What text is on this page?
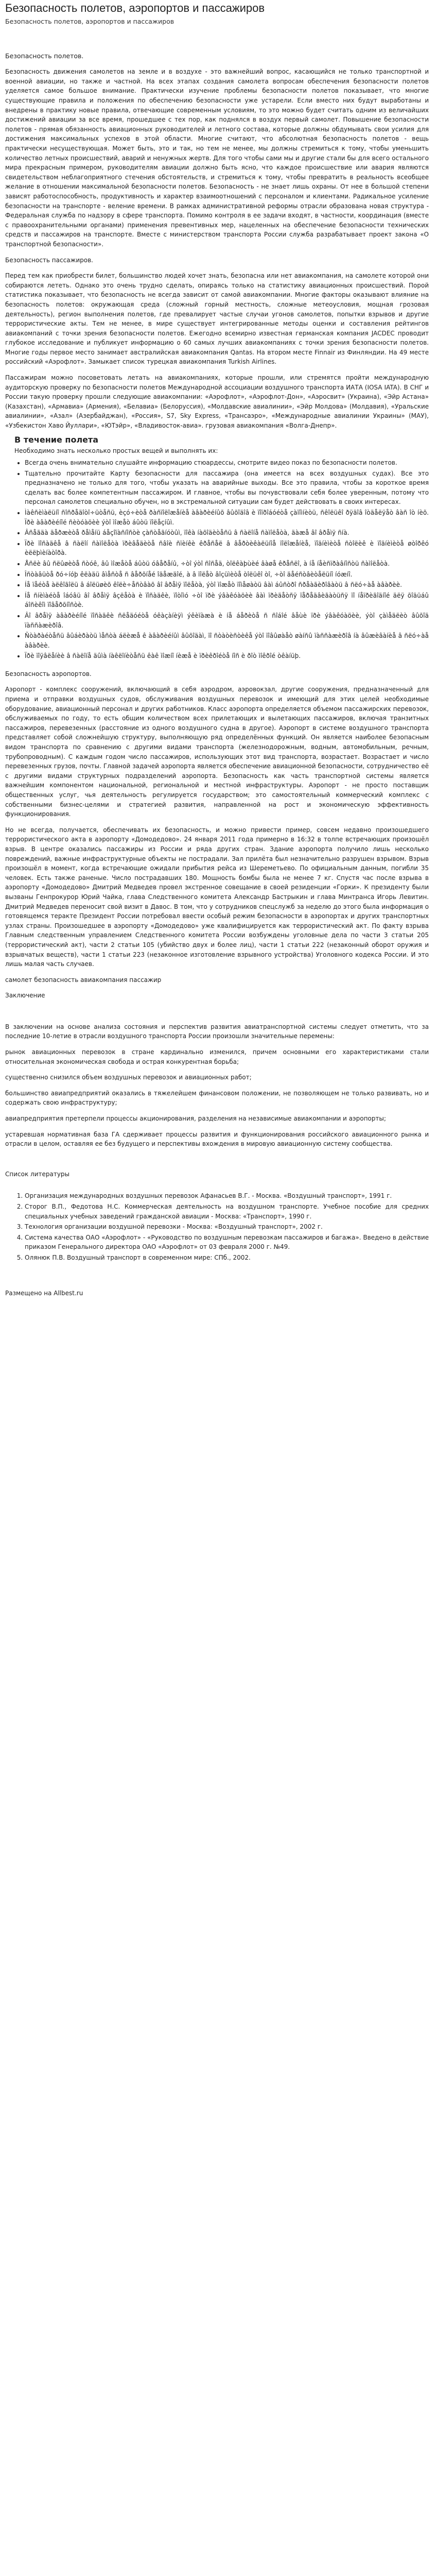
Безопасность полетов, аэропортов и пассажиров
Безопасность полетов, аэропортов и пассажиров
Безопасность полетов.

Безопасность движения самолетов на земле и в воздухе - это важнейший вопрос, касающийся не только транспортной и военной авиации, но также и частной. На всех этапах создания самолета вопросам обеспечения безопасности полетов уделяется самое большое внимание. Практически изучение проблемы безопасности полетов показывает, что многие существующие правила и положения по обеспечению безопасности уже устарели. Если вместо них будут выработаны и внедрены в практику новые правила, отвечающие современным условиям, то это можно будет считать одним из величайших достижений авиации за все время, прошедшее с тех пор, как поднялся в воздух первый самолет. Повышение безопасности полетов - прямая обязанность авиационных руководителей и летного состава, которые должны обдумывать свои усилия для достижения максимальных успехов в этой области. Многие считают, что абсолютная безопасность полетов - вещь практически несуществующая. Может быть, это и так, но тем не менее, мы должны стремиться к тому, чтобы уменьшить количество летных происшествий, аварий и ненужных жертв. Для того чтобы сами мы и другие стали бы для всего остального мира прекрасным примером, руководителям авиации должно быть ясно, что каждое происшествие или авария являются свидетельством неблагоприятного стечения обстоятельств, и стремиться к тому, чтобы превратить в реальность всеобщее желание в отношении максимальной безопасности полетов. Безопасность - не знает лишь охраны. От нее в большой степени зависят работоспособность, продуктивность и характер взаимоотношений с персоналом и клиентами. Радикальное усиление безопасности на транспорте - веление времени. В рамках административной реформы отрасли образована новая структура - Федеральная служба по надзору в сфере транспорта. Помимо контроля в ее задачи входят, в частности, координация (вместе с правоохранительными органами) применения превентивных мер, нацеленных на обеспечение безопасности технических средств и пассажиров на транспорте. Вместе с министерством транспорта России служба разрабатывает проект закона «О транспортной безопасности».

Безопасность пассажиров.

Перед тем как приобрести билет, большинство людей хочет знать, безопасна или нет авиакомпания, на самолете которой они собираются лететь. Однако это очень трудно сделать, опираясь только на статистику авиационных происшествий. Порой статистика показывает, что безопасность не всегда зависит от самой авиакомпании. Многие факторы оказывают влияние на безопасность полетов: окружающая среда (сложный горный местность, сложные метеоусловия, мощная грозовая деятельность), регион выполнения полетов, где превалирует частые случаи угонов самолетов, попытки взрывов и другие террористические акты. Тем не менее, в мире существует интегрированные методы оценки и составления рейтингов авиакомпаний с точки зрения безопасности полетов. Ежегодно всемирно известная германская компания JACDEC проводит глубокое исследование и публикует информацию о 60 самых лучших авиакомпаниях с точки зрения безопасности полетов. Многие годы первое место занимает австралийская авиакомпания Qantas. На втором месте Finnair из Финляндии. На 49 месте российский «Аэрофлот». Замыкает список турецкая авиакомпания Turkish Airlines.

Пассажирам можно посоветовать летать на авиакомпаниях, которые прошли, или стремятся пройти международную аудиторскую проверку по безопасности полетов Международной ассоциации воздушного транспорта ИАТА (IOSA IATA). В СНГ и России такую проверку прошли следующие авиакомпании: «Аэрофлот», «Аэрофлот-Дон», «Аэросвит» (Украина), «Эйр Астана» (Казахстан), «Армавиа» (Армения), «Белавиа» (Белоруссия), «Молдавские авиалинии», «Эйр Молдова» (Молдавия), «Уральские авиалинии», «Азал» (Азербайджан), «Россия», S7, Sky Express, «Трансаэро», «Международные авиалинии Украины» (МАУ), «Узбекистон Хаво Йуллари», «ЮТэйр», «Владивосток-авиа». грузовая авиакомпания «Волга-Днепр».

В течение полета
Необходимо знать несколько простых вещей и выполнять их:
• Всегда очень внимательно слушайте информацию стюардессы, смотрите видео показ по безопасности полетов.
• Тщательно прочитайте Карту безопасности для пассажира (она имеется на всех воздушных судах). Все это предназначено не только для того, чтобы указать на аварийные выходы. Все это правила, чтобы за короткое время сделать вас более компетентным пассажиром. И главное, чтобы вы почувствовали себя более уверенным, потому что персонал самолетов специально обучен, но в экстремальной ситуации сам будет действовать в своих интересах.
• Ìàêñèìàëüíî ñîñðåäîòî÷üòåñü, èçó÷èòå ðàñïîëîæåíèå àâàðèéíûõ âûõîäîâ è ïîïðîáóéòå çàïîìíèòü, ñêîëüêî ðÿäîâ îòäåëÿåò âàñ îò íèõ. Ïðè àâàðèéíîé ñèòóàöèè ýòî ìîæåò áûòü ïîëåçíûì.
• Âñåãäà äåðæèòå ðåìåíü áåçîïàñíîñòè çàñòåãíóòûì, ïîêà íàõîäèòåñü â ñàëîíå ñàìîëåòà, äàæå âî âðåìÿ ñíà.
• Ïðè ïîñàäêå â ñàëîí ñàìîëåòà ïðèâåäèòå ñâîè ñïèíêè êðåñåë â âåðòèêàëüíîå ïîëîæåíèå, ïîäíèìèòå ñòîëèê è ïîäíèìèòå øòîðêó èëëþìèíàòîðà.
• Åñëè âû ñëûøèòå ñòóê, âû ìîæåòå áûòü óâåðåíû, ÷òî ýòî ñîñåä, òîëêàþùèé âàøå êðåñëî, à íå íåèñïðàâíîñòü ñàìîëåòà.
• Îñòàâüòå ðó÷íóþ êëàäü âìåñòå ñ âåðõíåé îäåæäîé, à â ïîëåò âîçüìèòå òîëüêî òî, ÷òî äåéñòâèòåëüíî íóæíî.
• Íå ïåéòå àëêîãîëü â áîëüøèõ êîëè÷åñòâàõ âî âðåìÿ ïîëåòà, ýòî ìîæåò ïîìåøàòü âàì áûñòðî ñðåàãèðîâàòü â ñëó÷àå àâàðèè.
• Íå ñíèìàéòå îáóâü âî âðåìÿ âçëåòà è ïîñàäêè, ïîòîìó ÷òî ïðè ýâàêóàöèè âàì ïðèäåòñÿ ïåðåäâèãàòüñÿ ïî íåïðèãîäíîé äëÿ õîäüáû áîñèêîì ïîâåðõíîñòè.
• Âî âðåìÿ àâàðèéíîé ïîñàäêè ñëåäóéòå óêàçàíèÿì ýêèïàæà è íå áåðèòå ñ ñîáîé âåùè ïðè ýâàêóàöèè, ýòî çàìåäëèò âûõîä ïàññàæèðîâ.
• Ñòàðàéòåñü âûáèðàòü ìåñòà áëèæå ê àâàðèéíûì âûõîäàì, ïî ñòàòèñòèêå ýòî ïîâûøàåò øàíñû ïàññàæèðîâ íà âûæèâàíèå â ñëó÷àå àâàðèè.
• Ïðè ïîÿâëåíèè â ñàëîíå äûìà íàêëîíèòåñü êàê ìîæíî íèæå è ïðèêðîéòå íîñ è ðîò ìîêðîé òêàíüþ.
Безопасность аэропортов.

Аэропорт - комплекс сооружений, включающий в себя аэродром, аэровокзал, другие сооружения, предназначенный для приема и отправки воздушных судов, обслуживания воздушных перевозок и имеющий для этих целей необходимые оборудование, авиационный персонал и других работников. Класс аэропорта определяется объемом пассажирских перевозок, обслуживаемых по году, то есть общим количеством всех прилетающих и вылетающих пассажиров, включая транзитных пассажиров, перевезенных (расстояние из одного воздушного судна в другое). Аэропорт в системе воздушного транспорта представляет собой сложнейшую структуру, выполняющую ряд определённых функций. Он является наиболее безопасным видом транспорта по сравнению с другими видами транспорта (железнодорожным, водным, автомобильным, речным, трубопроводным). С каждым годом число пассажиров, использующих этот вид транспорта, возрастает. Возрастает и число перевезенных грузов, почты. Главной задачей аэропорта является обеспечение авиационной безопасности, сотрудничество её с другими видами структурных подразделений аэропорта. Безопасность как часть транспортной системы является важнейшим компонентом национальной, региональной и местной инфраструктуры. Аэропорт - не просто поставщик общественных услуг, чья деятельность регулируется государством; это самостоятельный коммерческий комплекс с собственными бизнес-целями и стратегией развития, направленной на рост и экономическую эффективность функционирования.

Но не всегда, получается, обеспечивать их безопасность, и можно привести пример, совсем недавно произошедшего террористического акта в аэропорту «Домодедово». 24 января 2011 года примерно в 16:32 в толпе встречающих произошёл взрыв. В центре оказались пассажиры из России и ряда других стран. Здание аэропорта получило лишь несколько повреждений, важные инфраструктурные объекты не пострадали. Зал прилёта был незначительно разрушен взрывом. Взрыв произошёл в момент, когда встречающие ожидали прибытия рейса из Шереметьево. По официальным данным, погибли 35 человек. Есть также раненые. Число пострадавших 180. Мощность бомбы была не менее 7 кг. Спустя час после взрыва в аэропорту «Домодедово» Дмитрий Медведев провел экстренное совещание в своей резиденции «Горки». К президенту были вызваны Генпрокурор Юрий Чайка, глава Следственного комитета Александр Бастрыкин и глава Минтранса Игорь Левитин. Дмитрий Медведев переносит свой визит в Давос. В том, что у сотрудников спецслужб за неделю до этого была информация о готовящемся теракте Президент России потребовал ввести особый режим безопасности в аэропортах и других транспортных узлах страны. Произошедшее в аэропорту «Домодедово» уже квалифицируется как террористический акт. По факту взрыва Главным следственным управлением Следственного комитета России возбуждены уголовные дела по части 3 статьи 205 (террористический акт), части 2 статьи 105 (убийство двух и более лиц), части 1 статьи 222 (незаконный оборот оружия и взрывчатых веществ), части 1 статьи 223 (незаконное изготовление взрывного устройства) Уголовного кодекса России. И это лишь малая часть случаев.

самолет безопасность авиакомпания пассажир
Заключение

В заключении на основе анализа состояния и перспектив развития авиатранспортной системы следует отметить, что за последние 10-летие в отрасли воздушного транспорта России произошли значительные перемены:

рынок авиационных перевозок в стране кардинально изменился, причем основными его характеристиками стали относительная экономическая свобода и острая конкурентная борьба;

существенно снизился объем воздушных перевозок и авиационных работ;

большинство авиапредприятий оказались в тяжелейшем финансовом положении, не позволяющем не только развивать, но и содержать свою инфраструктуру;

авиапредприятия претерпели процессы акционирования, разделения на независимые авиакомпании и аэропорты;

устаревшая нормативная база ГА сдерживает процессы развития и функционирования российского авиационного рынка и отрасли в целом, оставляя ее без будущего и перспективы вхождения в мировую авиационную систему сообщества.

Список литературы
1. Организация международных воздушных перевозок Афанасьев В.Г. - Москва. «Воздушный транспорт», 1991 г.
2. Сторог В.П., Федотова Н.С. Коммерческая деятельность на воздушном транспорте. Учебное пособие для средних специальных учебных заведений гражданской авиации - Москва: «Транспорт», 1990 г.
3. Технология организации воздушной перевозки - Москва: «Воздушный транспорт», 2002 г.
4. Система качества ОАО «Аэрофлот» - «Руководство по воздушным перевозкам пассажиров и багажа». Введено в действие приказом Генерального директора ОАО «Аэрофлот» от 03 февраля 2000 г. №49.
5. Олянюк П.В. Воздушный транспорт в современном мире: СПб., 2002.
Размещено на Allbest.ru
